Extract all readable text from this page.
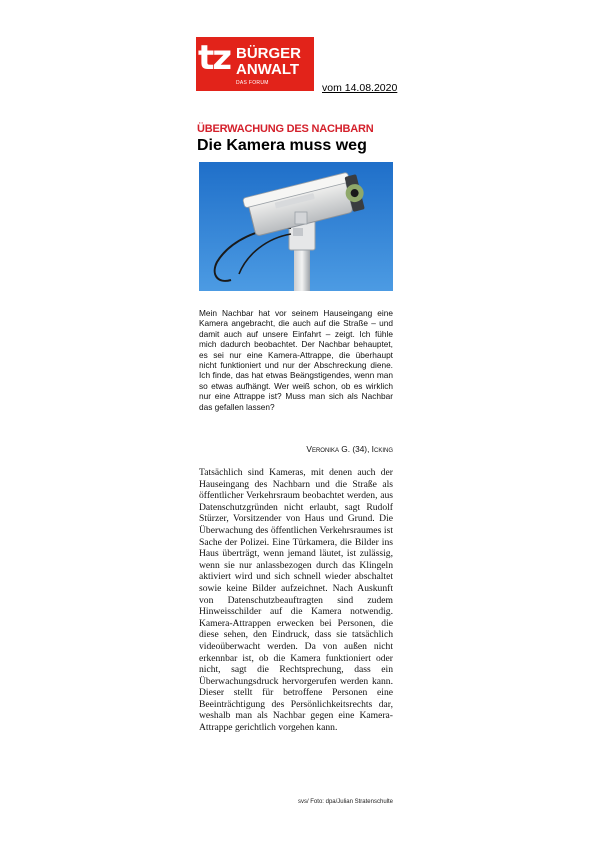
tz BÜRGER
ANWALT
DAS FORUM	vom 14.08.2020
ÜBERWACHUNG DES NACHBARN
Die Kamera muss weg

Mein Nachbar hat vor seinem Hauseingang eine Kamera angebracht, die auch auf die Straße – und damit auch auf unsere Einfahrt – zeigt. Ich fühle mich dadurch beobachtet. Der Nachbar behauptet, es sei nur eine Kamera-Attrappe, die überhaupt nicht funktioniert und nur der Abschreckung diene. Ich finde, das hat etwas Beängstigendes, wenn man so etwas aufhängt. Wer weiß schon, ob es wirklich nur eine Attrappe ist? Muss man sich als Nachbar das gefallen lassen?

Veronika G. (34), Icking

Tatsächlich sind Kameras, mit denen auch der Hauseingang des Nachbarn und die Straße als öffentlicher Verkehrsraum beobachtet werden, aus Datenschutzgründen nicht erlaubt, sagt Rudolf Stürzer, Vorsitzender von Haus und Grund. Die Überwachung des öffentlichen Verkehrsraumes ist Sache der Polizei. Eine Türkamera, die Bilder ins Haus überträgt, wenn jemand läutet, ist zulässig, wenn sie nur anlassbezogen durch das Klingeln aktiviert wird und sich schnell wieder abschaltet sowie keine Bilder aufzeichnet. Nach Auskunft von Datenschutzbeauftragten sind zudem Hinweisschilder auf die Kamera notwendig. Kamera-Attrappen erwecken bei Personen, die diese sehen, den Eindruck, dass sie tatsächlich videoüberwacht werden. Da von außen nicht erkennbar ist, ob die Kamera funktioniert oder nicht, sagt die Rechtsprechung, dass ein Überwachungsdruck hervorgerufen werden kann. Dieser stellt für betroffene Personen eine Beeinträchtigung des Persönlichkeitsrechts dar, weshalb man als Nachbar gegen eine Kamera-Attrappe gerichtlich vorgehen kann.

svs/ Foto: dpa/Julian Stratenschulte
